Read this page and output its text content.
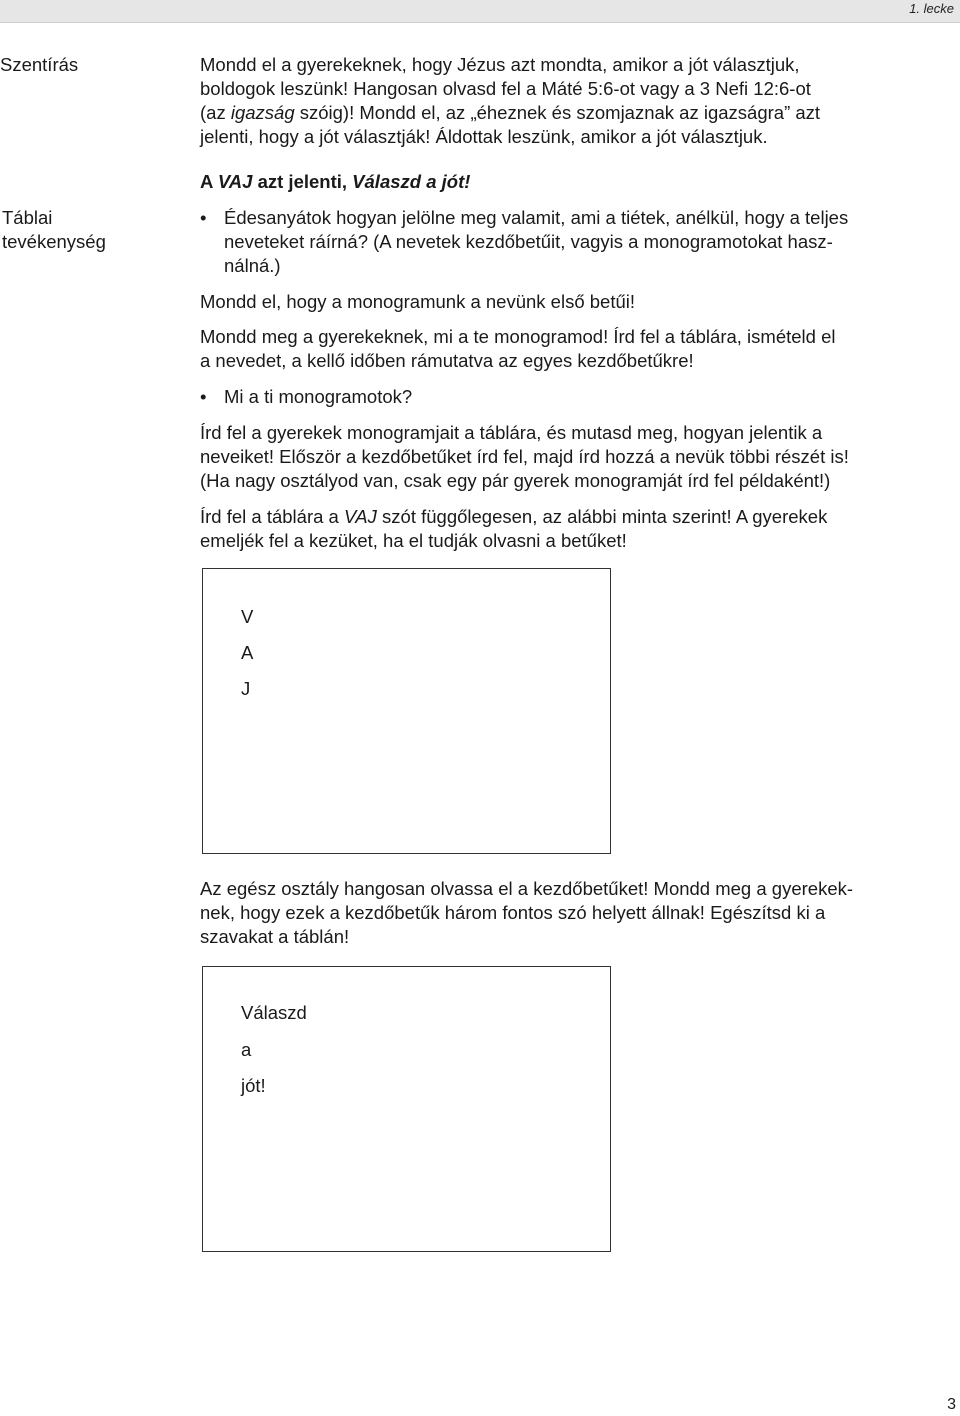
1. lecke
Szentírás
Táblai
tevékenység
Mondd el a gyerekeknek, hogy Jézus azt mondta, amikor a jót választjuk,
boldogok leszünk! Hangosan olvasd fel a Máté 5:6-ot vagy a 3 Nefi 12:6-ot
(az igazság szóig)! Mondd el, az „éheznek és szomjaznak az igazságra” azt
jelenti, hogy a jót választják! Áldottak leszünk, amikor a jót választjuk.
A VAJ azt jelenti, Válaszd a jót!
• Édesanyátok hogyan jelölne meg valamit, ami a tiétek, anélkül, hogy a teljes
neveteket ráírná? (A nevetek kezdőbetűit, vagyis a monogramotokat hasz-
nálná.)
Mondd el, hogy a monogramunk a nevünk első betűi!
Mondd meg a gyerekeknek, mi a te monogramod! Írd fel a táblára, ismételd el
a nevedet, a kellő időben rámutatva az egyes kezdőbetűkre!
• Mi a ti monogramotok?
Írd fel a gyerekek monogramjait a táblára, és mutasd meg, hogyan jelentik a
neveiket! Először a kezdőbetűket írd fel, majd írd hozzá a nevük többi részét is!
(Ha nagy osztályod van, csak egy pár gyerek monogramját írd fel példaként!)
Írd fel a táblára a VAJ szót függőlegesen, az alábbi minta szerint! A gyerekek
emeljék fel a kezüket, ha el tudják olvasni a betűket!
V
A
J
Az egész osztály hangosan olvassa el a kezdőbetűket! Mondd meg a gyerekek-
nek, hogy ezek a kezdőbetűk három fontos szó helyett állnak! Egészítsd ki a
szavakat a táblán!
Válaszd
a
jót!
3
